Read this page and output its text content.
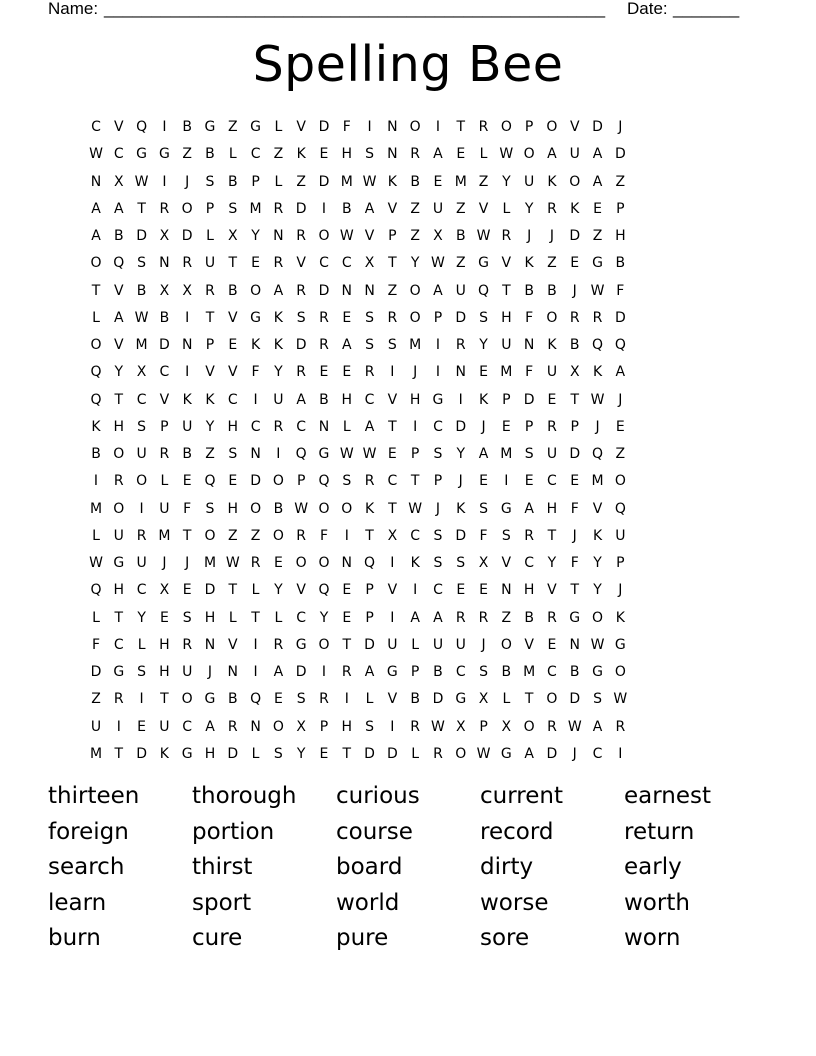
Name: _____________________________________________________ Date: _______
Spelling Bee
C V Q	I	B G Z G L	V D F	I	N O	I	T R O P O V D	J
W C G G Z B	L	C Z K E H S N R A E	L W O A U A D
N X W I	J	S B P	L	Z D M W K B E M Z Y U K O A Z
A A T R O P	S M R D	I	B A V Z U Z V	L	Y R K E	P
A B D X D L	X Y N R O W V P Z X B W R	J	J	D Z H
O Q S N R U T	E R V C C X T	Y W Z G V K Z E G B
T V B X X R B O A R D N N Z O A U Q T B B	J W F
L	A W B	I	T V G K S R E S R O P D S H F O R R D
O V M D N P	E K K D R A S S M	I	R Y U N K B Q Q
Q Y X C	I	V V F	Y R E E R	I	J	I	N E M F U X K A
Q T C V K K C	I	U A B H C V H G	I	K P D E	T W J
K H S	P U Y H C R C N L	A T	I	C D	J	E	P R P	J	E
B O U R B Z S N	I	Q G W W E	P	S	Y A M S U D Q Z
I	R O L	E Q E D O P Q S R C T	P	J	E	I	E C E M O
M O	I	U F	S H O B W O O K T W J	K S G A H F V Q
L U R M T O Z Z O R F	I	T X C S D F	S R T	J	K U
W G U	J	J	M W R E O O N Q	I	K S S X V C Y	F	Y	P
Q H C X E D T	L	Y V Q E	P V	I	C E E N H V T	Y	J
L	T	Y	E S H L	T	L	C Y	E	P	I	A A R R Z B R G O K
F C	L H R N V	I	R G O T D U L U U	J	O V E N W G
D G S H U	J	N	I	A D	I	R A G P B C S B M C B G O
Z R	I	T O G B Q E S R	I	L	V B D G X	L	T O D S W
U	I	E U C A R N O X P H S	I	R W X P X O R W A R
M T D K G H D L	S	Y	E	T D D L	R O W G A D	J	C	I
thirteen	thorough	curious	current	earnest
foreign	portion	course	record	return
search	thirst	board	dirty	early
learn	sport	world	worse	worth
burn	cure	pure	sore	worn
